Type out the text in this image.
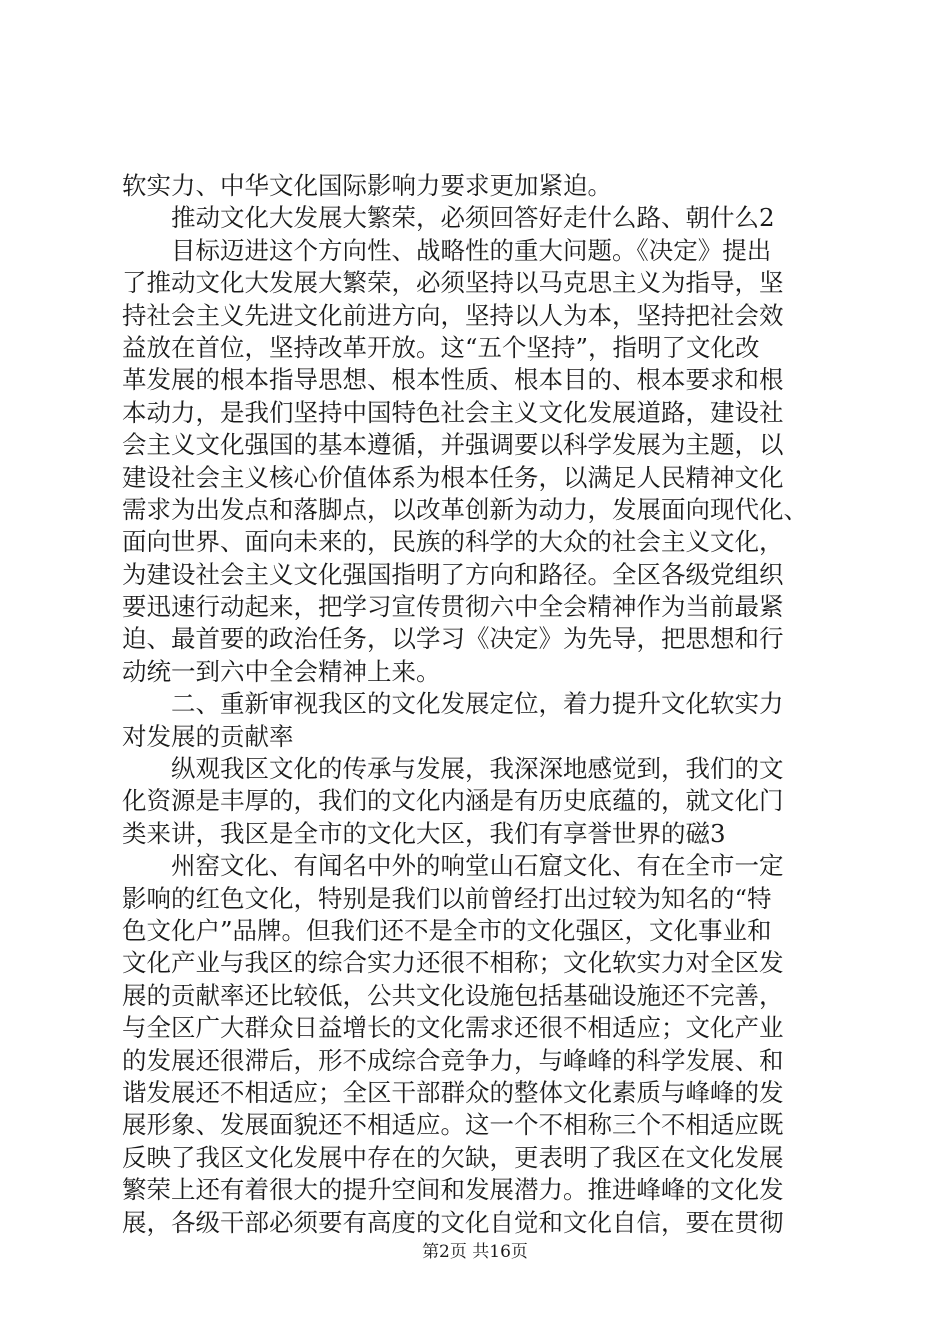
软实力、中华文化国际影响力要求更加紧迫。
推动文化大发展大繁荣，必须回答好走什么路、朝什么2
目标迈进这个方向性、战略性的重大问题。《决定》提出
了推动文化大发展大繁荣，必须坚持以马克思主义为指导，坚
持社会主义先进文化前进方向，坚持以人为本，坚持把社会效
益放在首位，坚持改革开放。这“五个坚持”，指明了文化改
革发展的根本指导思想、根本性质、根本目的、根本要求和根
本动力，是我们坚持中国特色社会主义文化发展道路，建设社
会主义文化强国的基本遵循，并强调要以科学发展为主题，以
建设社会主义核心价值体系为根本任务，以满足人民精神文化
需求为出发点和落脚点，以改革创新为动力，发展面向现代化、
面向世界、面向未来的，民族的科学的大众的社会主义文化，
为建设社会主义文化强国指明了方向和路径。全区各级党组织
要迅速行动起来，把学习宣传贯彻六中全会精神作为当前最紧
迫、最首要的政治任务，以学习《决定》为先导，把思想和行
动统一到六中全会精神上来。
二、重新审视我区的文化发展定位，着力提升文化软实力
对发展的贡献率
纵观我区文化的传承与发展，我深深地感觉到，我们的文
化资源是丰厚的，我们的文化内涵是有历史底蕴的，就文化门
类来讲，我区是全市的文化大区，我们有享誉世界的磁3
州窑文化、有闻名中外的响堂山石窟文化、有在全市一定
影响的红色文化，特别是我们以前曾经打出过较为知名的“特
色文化户”品牌。但我们还不是全市的文化强区，文化事业和
文化产业与我区的综合实力还很不相称；文化软实力对全区发
展的贡献率还比较低，公共文化设施包括基础设施还不完善，
与全区广大群众日益增长的文化需求还很不相适应；文化产业
的发展还很滞后，形不成综合竞争力，与峰峰的科学发展、和
谐发展还不相适应；全区干部群众的整体文化素质与峰峰的发
展形象、发展面貌还不相适应。这一个不相称三个不相适应既
反映了我区文化发展中存在的欠缺，更表明了我区在文化发展
繁荣上还有着很大的提升空间和发展潜力。推进峰峰的文化发
展，各级干部必须要有高度的文化自觉和文化自信，要在贯彻
第2页 共16页
